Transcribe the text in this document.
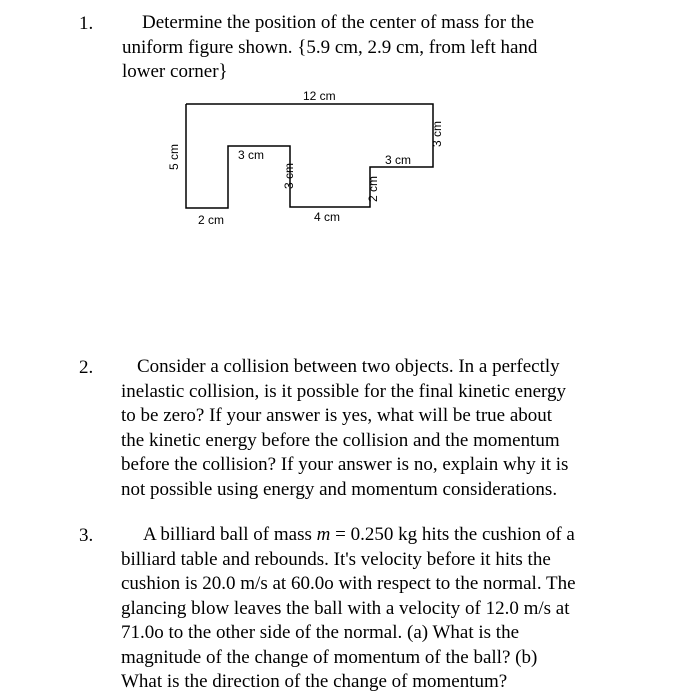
1.	Determine the position of the center of mass for the
uniform figure shown. {5.9 cm, 2.9 cm, from left hand
lower corner}
12 cm
5 cm	3 cm
3 cm
2 cm	4 cm
2 cm
3 cm
3 cm
2.	Consider a collision between two objects. In a perfectly
inelastic collision, is it possible for the final kinetic energy
to be zero? If your answer is yes, what will be true about
the kinetic energy before the collision and the momentum
before the collision? If your answer is no, explain why it is
not possible using energy and momentum considerations.
3.	A billiard ball of mass m = 0.250 kg hits the cushion of a
billiard table and rebounds. It's velocity before it hits the
cushion is 20.0 m/s at 60.0o with respect to the normal. The
glancing blow leaves the ball with a velocity of 12.0 m/s at
71.0o to the other side of the normal. (a) What is the
magnitude of the change of momentum of the ball? (b)
What is the direction of the change of momentum?
